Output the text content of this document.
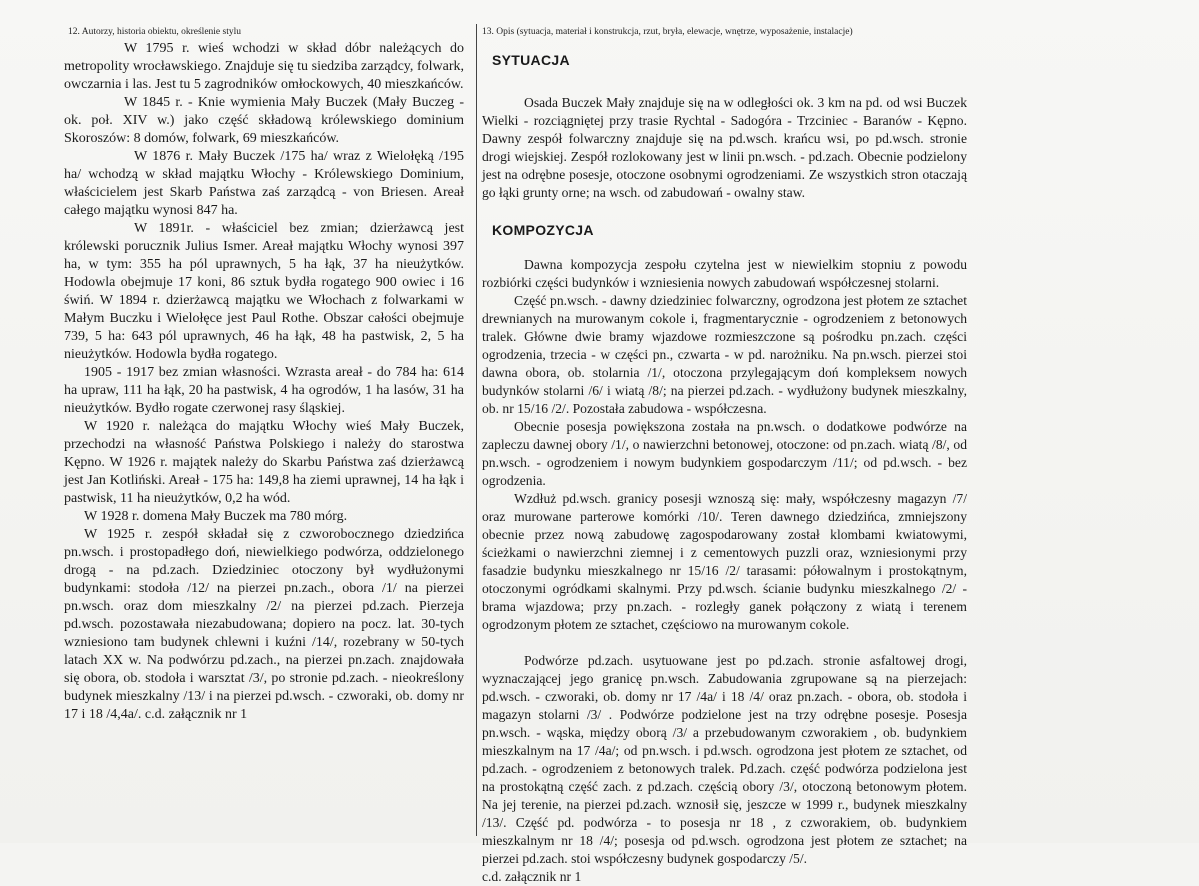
12. Autorzy, historia obiektu, określenie stylu

W 1795 r. wieś wchodzi w skład dóbr należących do metropolity wrocławskiego. Znajduje się tu siedziba zarządcy, folwark, owczarnia i las. Jest tu 5 zagrodników omłockowych, 40 mieszkańców.

W 1845 r. - Knie wymienia Mały Buczek (Mały Buczeg - ok. poł. XIV w.) jako część składową królewskiego dominium Skoroszów: 8 domów, folwark, 69 mieszkańców.

W 1876 r. Mały Buczek /175 ha/ wraz z Wielołęką /195 ha/ wchodzą w skład majątku Włochy - Królewskiego Dominium, właścicielem jest Skarb Państwa zaś zarządcą - von Briesen. Areał całego majątku wynosi 847 ha.

W 1891r. - właściciel bez zmian; dzierżawcą jest królewski porucznik Julius Ismer. Areał majątku Włochy wynosi 397 ha, w tym: 355 ha pól uprawnych, 5 ha łąk, 37 ha nieużytków. Hodowla obejmuje 17 koni, 86 sztuk bydła rogatego 900 owiec i 16 świń. W 1894 r. dzierżawcą majątku we Włochach z folwarkami w Małym Buczku i Wielołęce jest Paul Rothe. Obszar całości obejmuje 739, 5 ha: 643 pól uprawnych, 46 ha łąk, 48 ha pastwisk, 2, 5 ha nieużytków. Hodowla bydła rogatego.

1905 - 1917 bez zmian własności. Wzrasta areał - do 784 ha: 614 ha upraw, 111 ha łąk, 20 ha pastwisk, 4 ha ogrodów, 1 ha lasów, 31 ha nieużytków. Bydło rogate czerwonej rasy śląskiej.

W 1920 r. należąca do majątku Włochy wieś Mały Buczek, przechodzi na własność Państwa Polskiego i należy do starostwa Kępno. W 1926 r. majątek należy do Skarbu Państwa zaś dzierżawcą jest Jan Kotliński. Areał - 175 ha: 149,8 ha ziemi uprawnej, 14 ha łąk i pastwisk, 11 ha nieużytków, 0,2 ha wód.

W 1928 r. domena Mały Buczek ma 780 mórg.

W 1925 r. zespół składał się z czworobocznego dziedzińca pn.wsch. i prostopadłego doń, niewielkiego podwórza, oddzielonego drogą - na pd.zach. Dziedziniec otoczony był wydłużonymi budynkami: stodoła /12/ na pierzei pn.zach., obora /1/ na pierzei pn.wsch. oraz dom mieszkalny /2/ na pierzei pd.zach. Pierzeja pd.wsch. pozostawała niezabudowana; dopiero na pocz. lat. 30-tych wzniesiono tam budynek chlewni i kuźni /14/, rozebrany w 50-tych latach XX w. Na podwórzu pd.zach., na pierzei pn.zach. znajdowała się obora, ob. stodoła i warsztat /3/, po stronie pd.zach. - nieokreślony budynek mieszkalny /13/ i na pierzei pd.wsch. - czworaki, ob. domy nr 17 i 18 /4,4a/. c.d. załącznik nr 1

13. Opis (sytuacja, materiał i konstrukcja, rzut, bryła, elewacje, wnętrze, wyposażenie, instalacje)
SYTUACJA

Osada Buczek Mały znajduje się na w odległości ok. 3 km na pd. od wsi Buczek Wielki - rozciągniętej przy trasie Rychtal - Sadogóra - Trzciniec - Baranów - Kępno. Dawny zespół folwarczny znajduje się na pd.wsch. krańcu wsi, po pd.wsch. stronie drogi wiejskiej. Zespół rozlokowany jest w linii pn.wsch. - pd.zach. Obecnie podzielony jest na odrębne posesje, otoczone osobnymi ogrodzeniami. Ze wszystkich stron otaczają go łąki grunty orne; na wsch. od zabudowań - owalny staw.

KOMPOZYCJA

Dawna kompozycja zespołu czytelna jest w niewielkim stopniu z powodu rozbiórki części budynków i wzniesienia nowych zabudowań współczesnej stolarni.

Część pn.wsch. - dawny dziedziniec folwarczny, ogrodzona jest płotem ze sztachet drewnianych na murowanym cokole i, fragmentarycznie - ogrodzeniem z betonowych tralek. Główne dwie bramy wjazdowe rozmieszczone są pośrodku pn.zach. części ogrodzenia, trzecia - w części pn., czwarta - w pd. narożniku. Na pn.wsch. pierzei stoi dawna obora, ob. stolarnia /1/, otoczona przylegającym doń kompleksem nowych budynków stolarni /6/ i wiatą /8/; na pierzei pd.zach. - wydłużony budynek mieszkalny, ob. nr 15/16 /2/. Pozostała zabudowa - współczesna.

Obecnie posesja powiększona została na pn.wsch. o dodatkowe podwórze na zapleczu dawnej obory /1/, o nawierzchni betonowej, otoczone: od pn.zach. wiatą /8/, od pn.wsch. - ogrodzeniem i nowym budynkiem gospodarczym /11/; od pd.wsch. - bez ogrodzenia.

Wzdłuż pd.wsch. granicy posesji wznoszą się: mały, współczesny magazyn /7/ oraz murowane parterowe komórki /10/. Teren dawnego dziedzińca, zmniejszony obecnie przez nową zabudowę zagospodarowany został klombami kwiatowymi, ścieżkami o nawierzchni ziemnej i z cementowych puzzli oraz, wzniesionymi przy fasadzie budynku mieszkalnego nr 15/16 /2/ tarasami: półowalnym i prostokątnym, otoczonymi ogródkami skalnymi. Przy pd.wsch. ścianie budynku mieszkalnego /2/ - brama wjazdowa; przy pn.zach. - rozległy ganek połączony z wiatą i terenem ogrodzonym płotem ze sztachet, częściowo na murowanym cokole.

Podwórze pd.zach. usytuowane jest po pd.zach. stronie asfaltowej drogi, wyznaczającej jego granicę pn.wsch. Zabudowania zgrupowane są na pierzejach: pd.wsch. - czworaki, ob. domy nr 17 /4a/ i 18 /4/ oraz pn.zach. - obora, ob. stodoła i magazyn stolarni /3/ . Podwórze podzielone jest na trzy odrębne posesje. Posesja pn.wsch. - wąska, między oborą /3/ a przebudowanym czworakiem , ob. budynkiem mieszkalnym na 17 /4a/; od pn.wsch. i pd.wsch. ogrodzona jest płotem ze sztachet, od pd.zach. - ogrodzeniem z betonowych tralek. Pd.zach. część podwórza podzielona jest na prostokątną część zach. z pd.zach. częścią obory /3/, otoczoną betonowym płotem. Na jej terenie, na pierzei pd.zach. wznosił się, jeszcze w 1999 r., budynek mieszkalny /13/. Część pd. podwórza - to posesja nr 18 , z czworakiem, ob. budynkiem mieszkalnym nr 18 /4/; posesja od pd.wsch. ogrodzona jest płotem ze sztachet; na pierzei pd.zach. stoi współczesny budynek gospodarczy /5/.

c.d. załącznik nr 1
